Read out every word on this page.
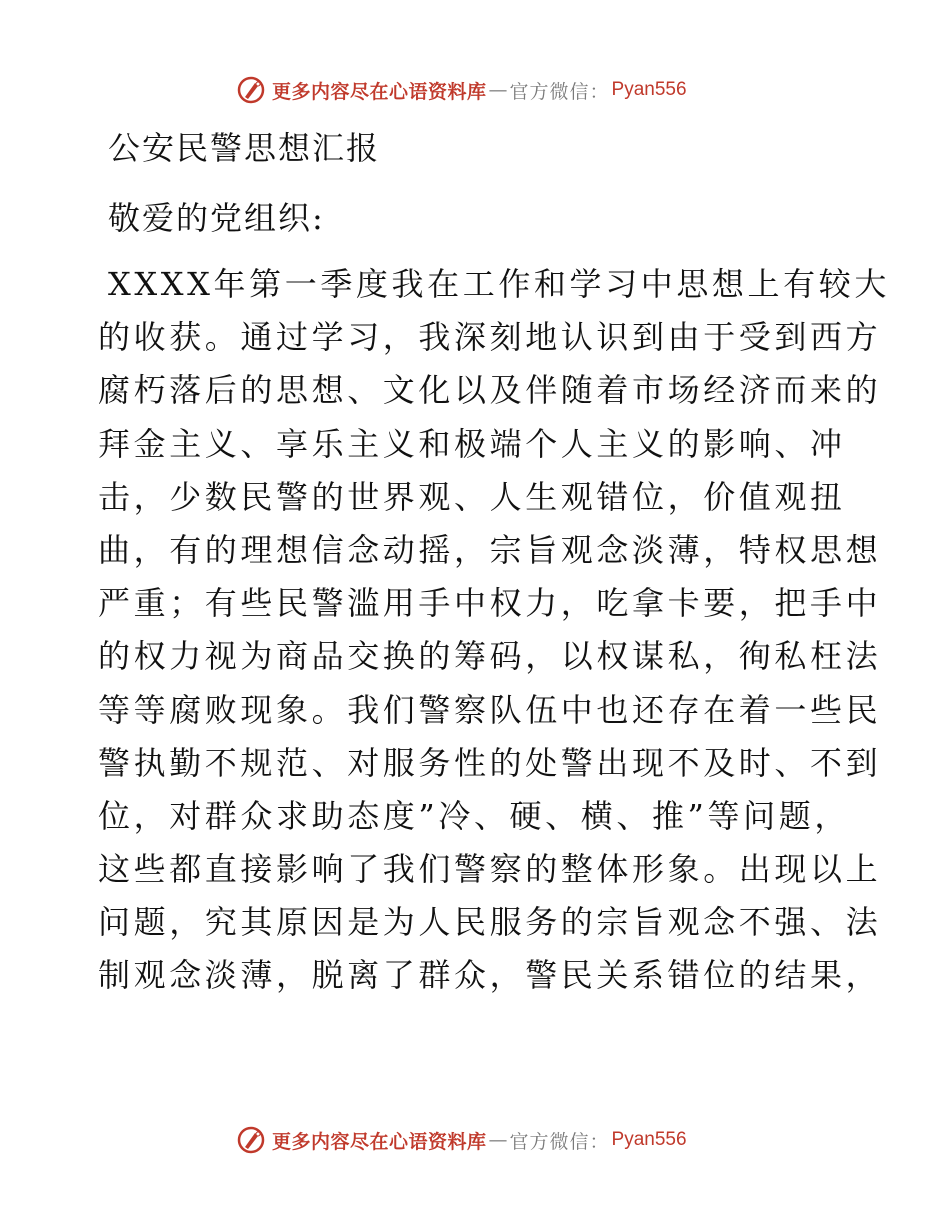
更多内容尽在心语资料库 — 官方微信： Pyan556
公安民警思想汇报
敬爱的党组织:
XXXX年第一季度我在工作和学习中思想上有较大
的收获。通过学习，我深刻地认识到由于受到西方
腐朽落后的思想、文化以及伴随着市场经济而来的
拜金主义、享乐主义和极端个人主义的影响、冲
击，少数民警的世界观、人生观错位，价值观扭
曲，有的理想信念动摇，宗旨观念淡薄，特权思想
严重；有些民警滥用手中权力，吃拿卡要，把手中
的权力视为商品交换的筹码，以权谋私，徇私枉法
等等腐败现象。我们警察队伍中也还存在着一些民
警执勤不规范、对服务性的处警出现不及时、不到
位，对群众求助态度”冷、硬、横、推”等问题，
这些都直接影响了我们警察的整体形象。出现以上
问题，究其原因是为人民服务的宗旨观念不强、法
制观念淡薄，脱离了群众，警民关系错位的结果，
更多内容尽在心语资料库 — 官方微信： Pyan556
